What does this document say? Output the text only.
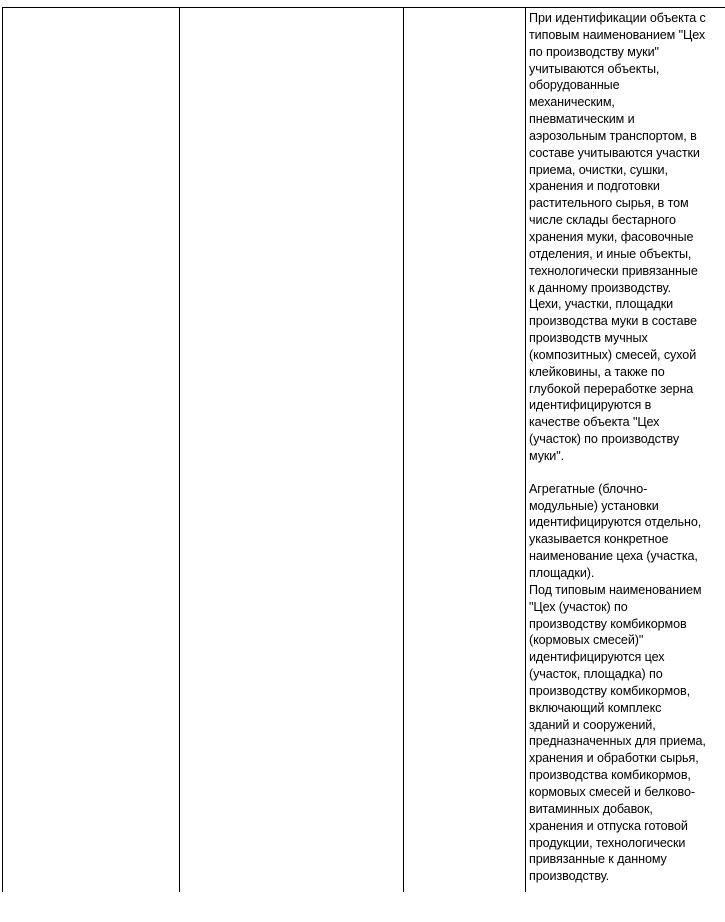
При идентификации объекта с
типовым наименованием "Цех
по производству муки"
учитываются объекты,
оборудованные
механическим,
пневматическим и
аэрозольным транспортом, в
составе учитываются участки
приема, очистки, сушки,
хранения и подготовки
растительного сырья, в том
числе склады бестарного
хранения муки, фасовочные
отделения, и иные объекты,
технологически привязанные
к данному производству.

Цехи, участки, площадки
производства муки в составе
производств мучных
(композитных) смесей, сухой
клейковины, а также по
глубокой переработке зерна
идентифицируются в
качестве объекта "Цех
(участок) по производству
муки".

Агрегатные (блочно-
модульные) установки
идентифицируются отдельно,
указывается конкретное
наименование цеха (участка,
площадки).

Под типовым наименованием
"Цех (участок) по
производству комбикормов
(кормовых смесей)"
идентифицируются цех
(участок, площадка) по
производству комбикормов,
включающий комплекс
зданий и сооружений,
предназначенных для приема,
хранения и обработки сырья,
производства комбикормов,
кормовых смесей и белково-
витаминных добавок,
хранения и отпуска готовой
продукции, технологически
привязанные к данному
производству.
